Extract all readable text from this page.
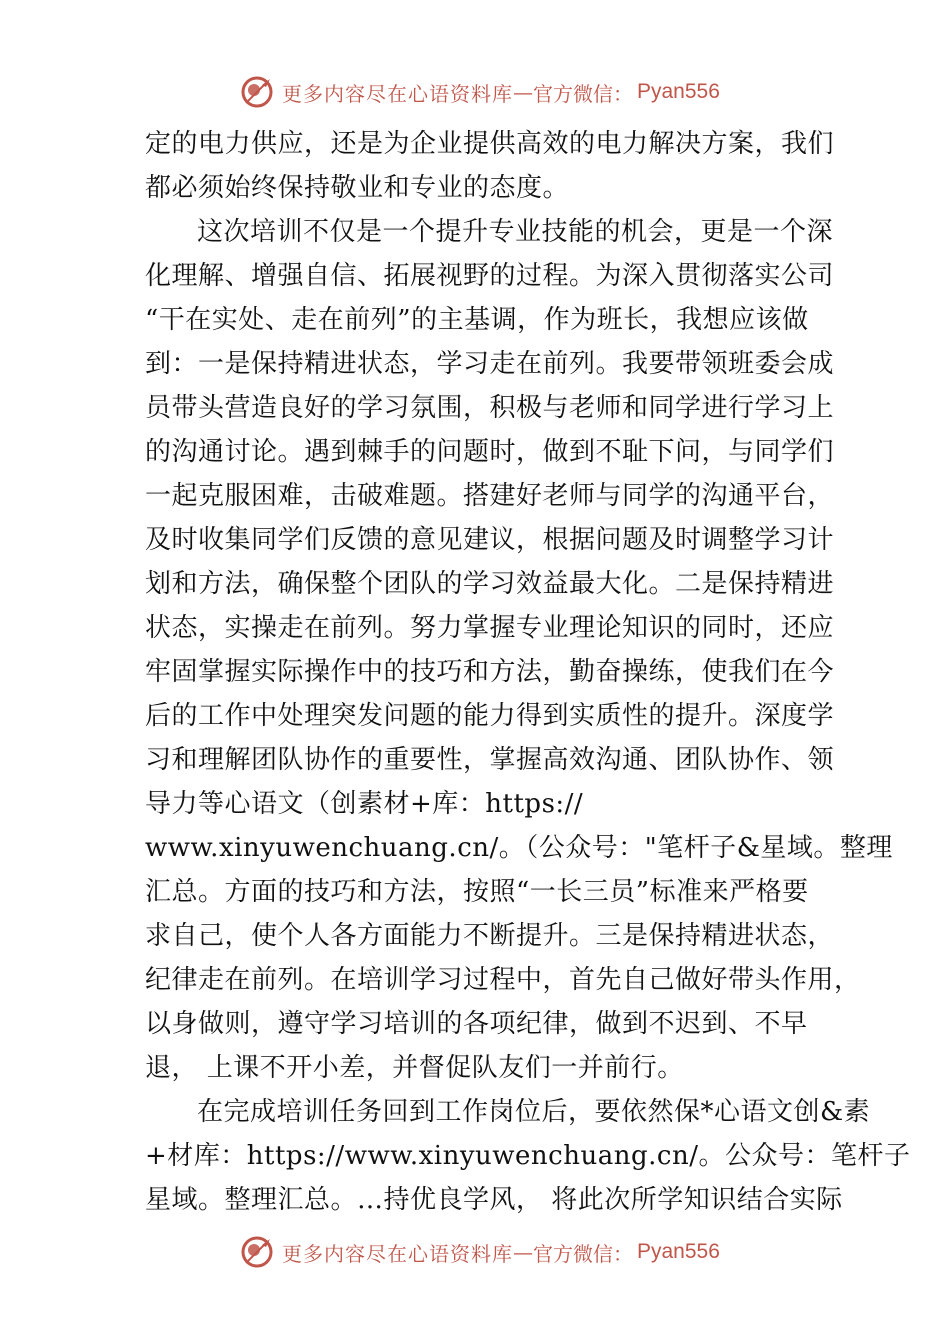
更多内容尽在心语资料库 — 官方微信： Pyan556
定的电力供应，还是为企业提供高效的电力解决方案，我们
都必须始终保持敬业和专业的态度。
这次培训不仅是一个提升专业技能的机会，更是一个深
化理解、增强自信、拓展视野的过程。为深入贯彻落实公司
“干在实处、走在前列”的主基调，作为班长，我想应该做
到：一是保持精进状态，学习走在前列。我要带领班委会成
员带头营造良好的学习氛围，积极与老师和同学进行学习上
的沟通讨论。遇到棘手的问题时，做到不耻下问，与同学们
一起克服困难，击破难题。搭建好老师与同学的沟通平台，
及时收集同学们反馈的意见建议，根据问题及时调整学习计
划和方法，确保整个团队的学习效益最大化。二是保持精进
状态，实操走在前列。努力掌握专业理论知识的同时，还应
牢固掌握实际操作中的技巧和方法，勤奋操练，使我们在今
后的工作中处理突发问题的能力得到实质性的提升。深度学
习和理解团队协作的重要性，掌握高效沟通、团队协作、领
导力等心语文（创素材+库：https://
www.xinyuwenchuang.cn/。（公众号："笔杆子&星域。整理
汇总。方面的技巧和方法，按照“一长三员”标准来严格要
求自己，使个人各方面能力不断提升。三是保持精进状态，
纪律走在前列。在培训学习过程中，首先自己做好带头作用，
以身做则，遵守学习培训的各项纪律，做到不迟到、不早
退， 上课不开小差，并督促队友们一并前行。
在完成培训任务回到工作岗位后，要依然保*心语文创&素
+材库：https://www.xinyuwenchuang.cn/。公众号：笔杆子
星域。整理汇总。…持优良学风， 将此次所学知识结合实际
更多内容尽在心语资料库 — 官方微信： Pyan556
